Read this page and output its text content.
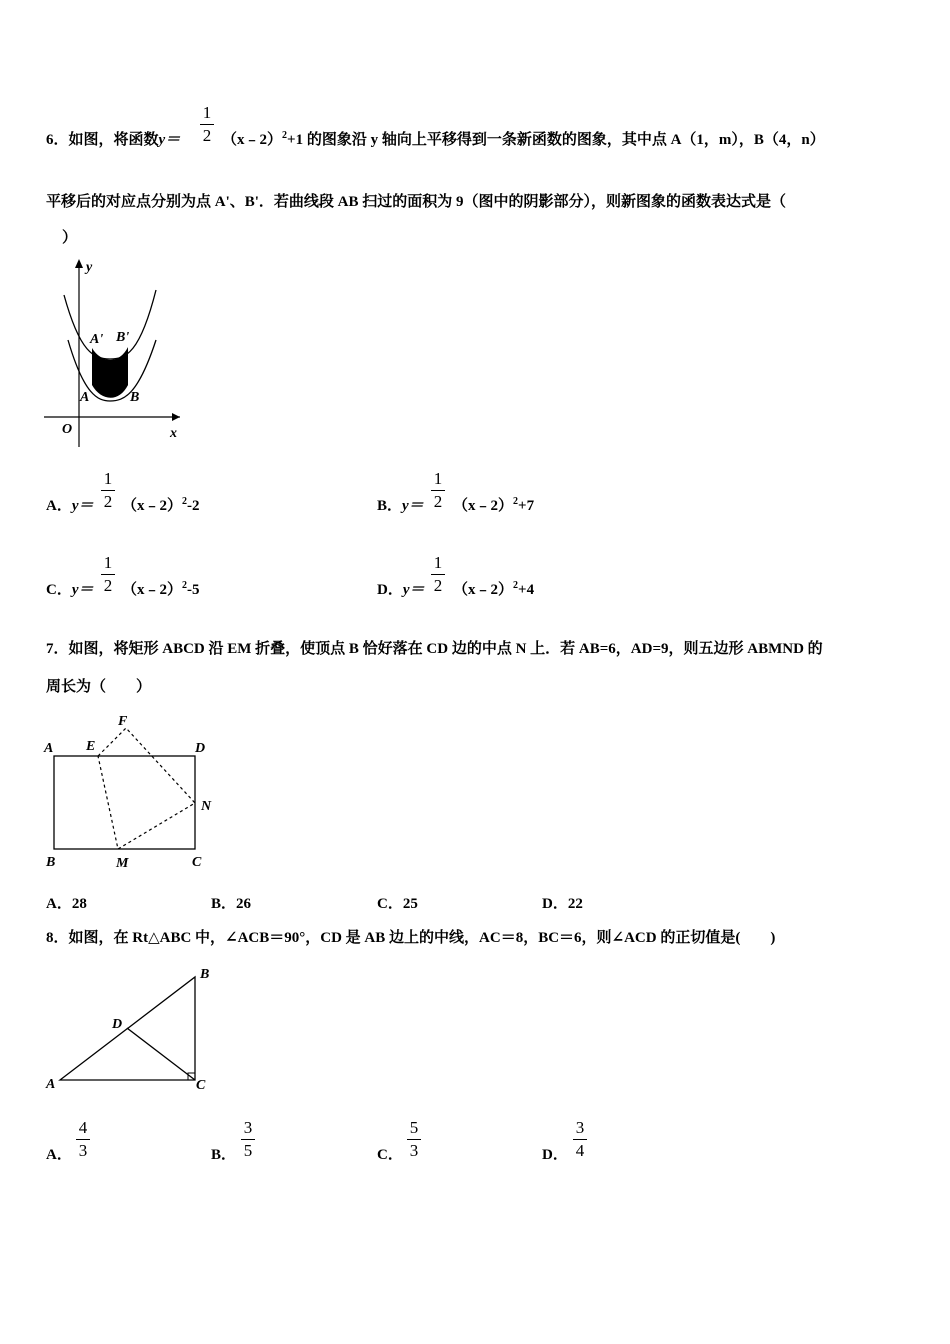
6．如图，将函数y＝
1
2 （x﹣2）$^2$+1 的图象沿 y 轴向上平移得到一条新函数的图象，其中点 A（1，m），B（4，n）
平移后的对应点分别为点 A'、B'．若曲线段 AB 扫过的面积为 9（图中的阴影部分），则新图象的函数表达式是（
）
y
x
O
A	B
A' B'
A．y＝
1
2 （x﹣2）$^2$-2	B．y＝
1
2 （x﹣2）$^2$+7
C．y＝
1
2 （x﹣2）$^2$-5	D．y＝
1
2 （x﹣2）$^2$+4
7．如图，将矩形 ABCD 沿 EM 折叠，使顶点 B 恰好落在 CD 边的中点 N 上．若 AB=6，AD=9，则五边形 ABMND 的
周长为（　　）
A E
F
D
N
B	M	C
A．28	B．26	C．25	D．22
8．如图，在 Rt△ABC 中，∠ACB＝90°，CD 是 AB 边上的中线，AC＝8，BC＝6，则∠ACD 的正切值是(　　)
A
B
C
D
A．
4
3	B．
3
5	C．
5
3	D．
3
4
